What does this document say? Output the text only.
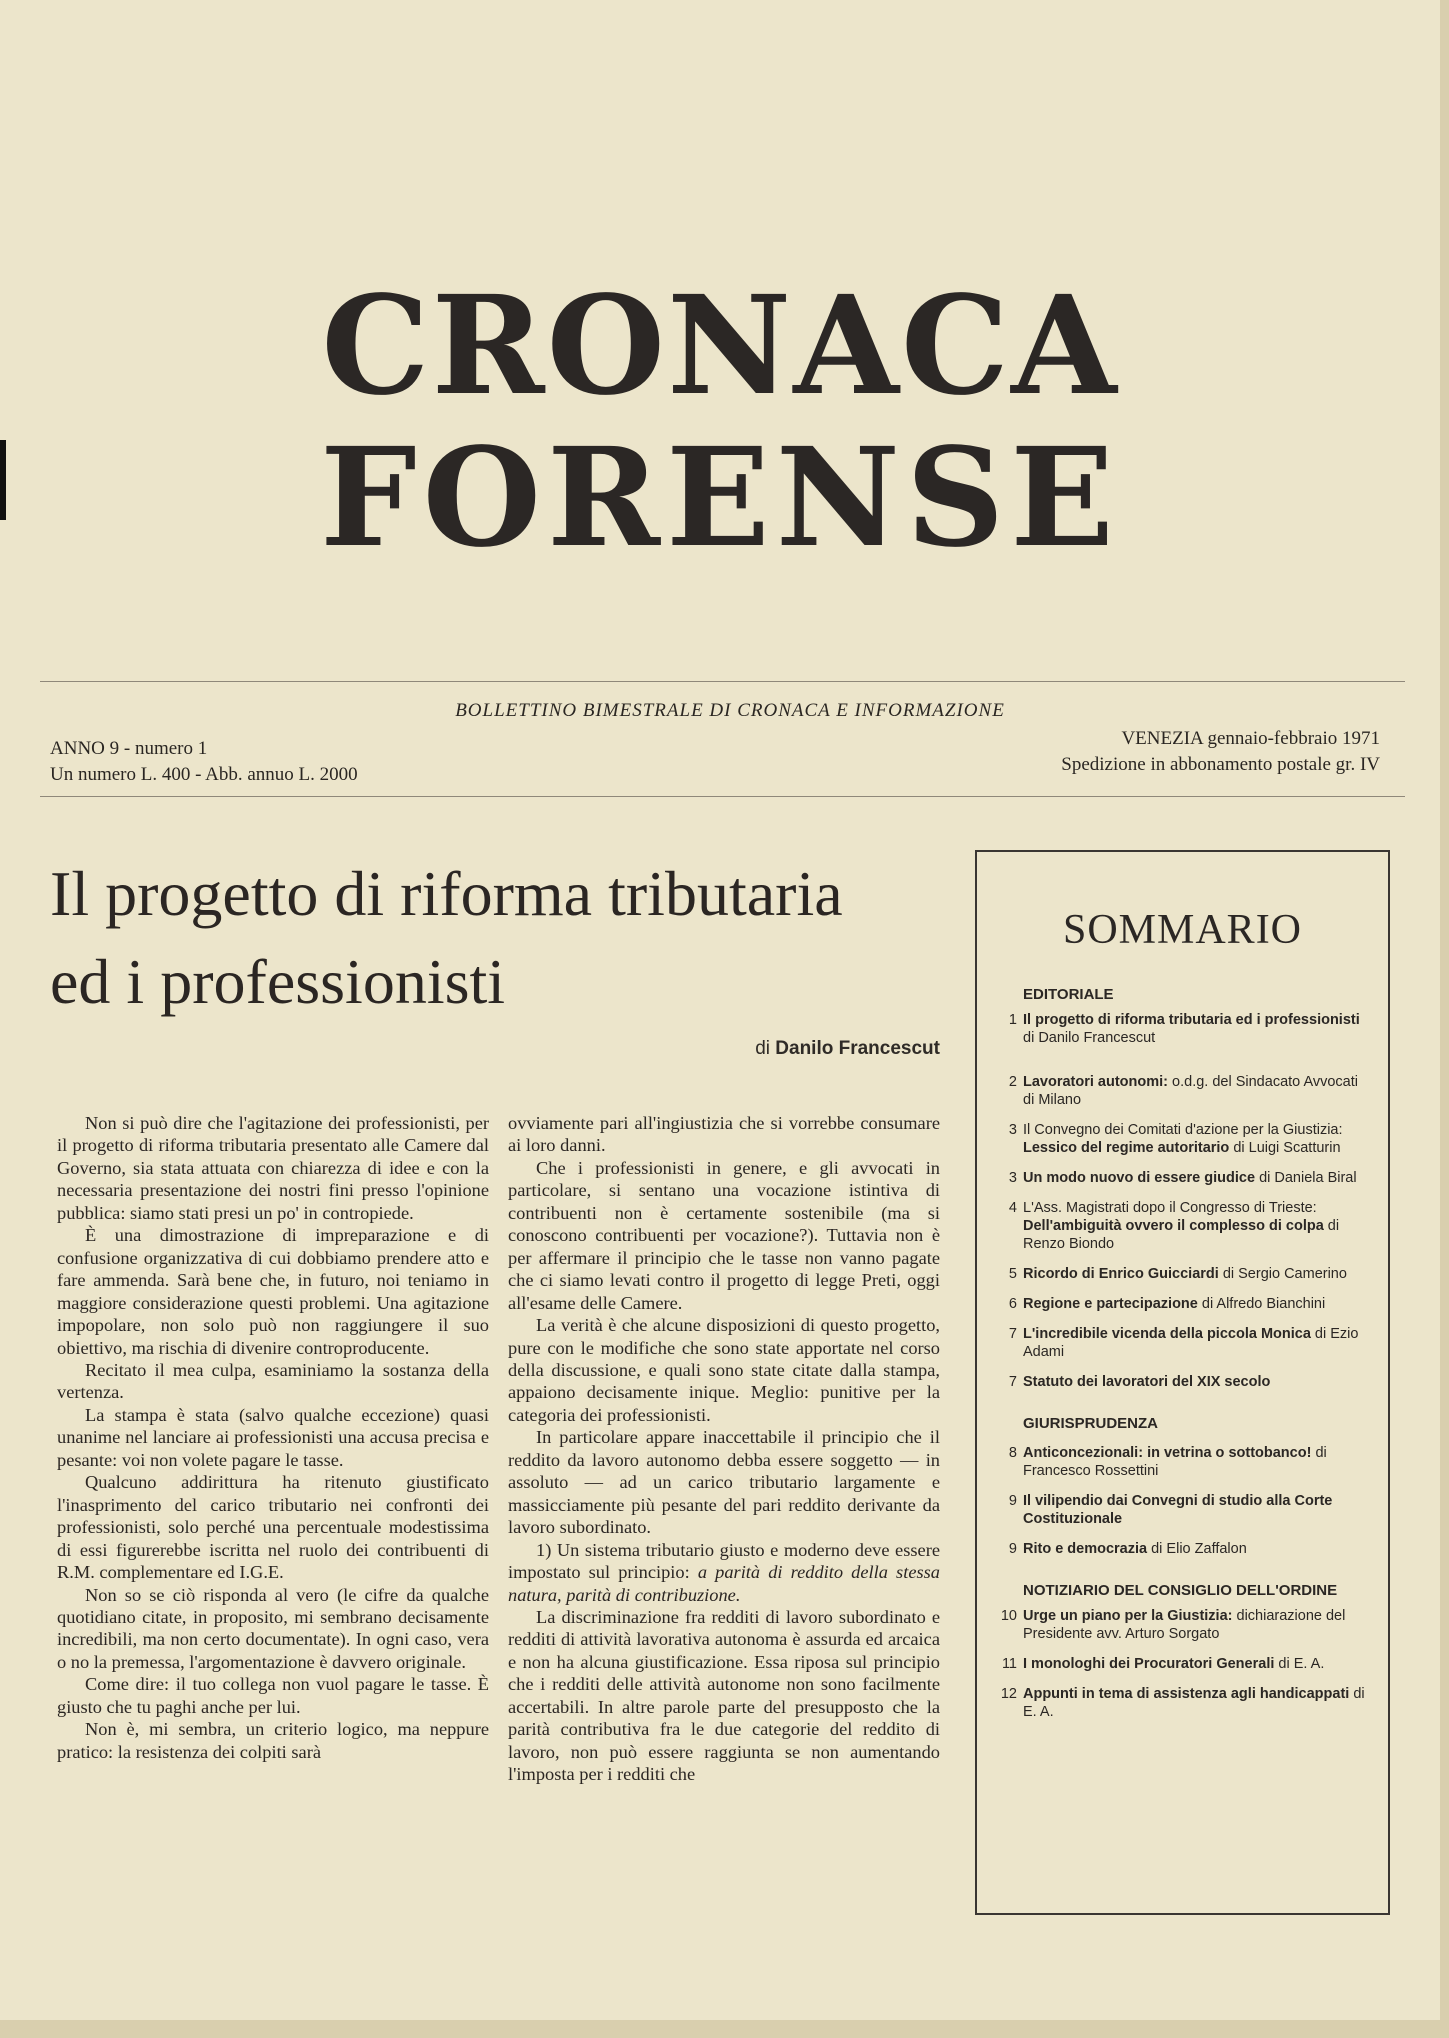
CRONACA
FORENSE
BOLLETTINO BIMESTRALE DI CRONACA E INFORMAZIONE
ANNO 9 - numero 1
Un numero L. 400 - Abb. annuo L. 2000
VENEZIA gennaio-febbraio 1971
Spedizione in abbonamento postale gr. IV
Il progetto di riforma tributaria
ed i professionisti
di Danilo Francescut

Non si può dire che l'agitazione dei professionisti, per il progetto di riforma tributaria presentato alle Camere dal Governo, sia stata attuata con chiarezza di idee e con la necessaria presentazione dei nostri fini presso l'opinione pubblica: siamo stati presi un po' in contropiede.

È una dimostrazione di impreparazione e di confusione organizzativa di cui dobbiamo prendere atto e fare ammenda. Sarà bene che, in futuro, noi teniamo in maggiore considerazione questi problemi. Una agitazione impopolare, non solo può non raggiungere il suo obiettivo, ma rischia di divenire controproducente.

Recitato il mea culpa, esaminiamo la sostanza della vertenza.

La stampa è stata (salvo qualche eccezione) quasi unanime nel lanciare ai professionisti una accusa precisa e pesante: voi non volete pagare le tasse.

Qualcuno addirittura ha ritenuto giustificato l'inasprimento del carico tributario nei confronti dei professionisti, solo perché una percentuale modestissima di essi figurerebbe iscritta nel ruolo dei contribuenti di R.M. complementare ed I.G.E.

Non so se ciò risponda al vero (le cifre da qualche quotidiano citate, in proposito, mi sembrano decisamente incredibili, ma non certo documentate). In ogni caso, vera o no la premessa, l'argomentazione è davvero originale.

Come dire: il tuo collega non vuol pagare le tasse. È giusto che tu paghi anche per lui.

Non è, mi sembra, un criterio logico, ma neppure pratico: la resistenza dei colpiti sarà

ovviamente pari all'ingiustizia che si vorrebbe consumare ai loro danni.

Che i professionisti in genere, e gli avvocati in particolare, si sentano una vocazione istintiva di contribuenti non è certamente sostenibile (ma si conoscono contribuenti per vocazione?). Tuttavia non è per affermare il principio che le tasse non vanno pagate che ci siamo levati contro il progetto di legge Preti, oggi all'esame delle Camere.

La verità è che alcune disposizioni di questo progetto, pure con le modifiche che sono state apportate nel corso della discussione, e quali sono state citate dalla stampa, appaiono decisamente inique. Meglio: punitive per la categoria dei professionisti.

In particolare appare inaccettabile il principio che il reddito da lavoro autonomo debba essere soggetto — in assoluto — ad un carico tributario largamente e massicciamente più pesante del pari reddito derivante da lavoro subordinato.

1) Un sistema tributario giusto e moderno deve essere impostato sul principio: a parità di reddito della stessa natura, parità di contribuzione.

La discriminazione fra redditi di lavoro subordinato e redditi di attività lavorativa autonoma è assurda ed arcaica e non ha alcuna giustificazione. Essa riposa sul principio che i redditi delle attività autonome non sono facilmente accertabili. In altre parole parte del presupposto che la parità contributiva fra le due categorie del reddito di lavoro, non può essere raggiunta se non aumentando l'imposta per i redditi che

SOMMARIO
EDITORIALE
1 Il progetto di riforma tributaria ed i professionisti di Danilo Francescut
2 Lavoratori autonomi: o.d.g. del Sindacato Avvocati di Milano
3 Il Convegno dei Comitati d'azione per la Giustizia: Lessico del regime autoritario di Luigi Scatturin
3 Un modo nuovo di essere giudice di Daniela Biral
4 L'Ass. Magistrati dopo il Congresso di Trieste: Dell'ambiguità ovvero il complesso di colpa di Renzo Biondo
5 Ricordo di Enrico Guicciardi di Sergio Camerino
6 Regione e partecipazione di Alfredo Bianchini
7 L'incredibile vicenda della piccola Monica di Ezio Adami
7 Statuto dei lavoratori del XIX secolo
GIURISPRUDENZA
8 Anticoncezionali: in vetrina o sottobanco! di Francesco Rossettini
9 Il vilipendio dai Convegni di studio alla Corte Costituzionale
9 Rito e democrazia di Elio Zaffalon
NOTIZIARIO DEL CONSIGLIO DELL'ORDINE
10 Urge un piano per la Giustizia: dichiarazione del Presidente avv. Arturo Sorgato
11 I monologhi dei Procuratori Generali di E. A.
12 Appunti in tema di assistenza agli handicappati di E. A.
